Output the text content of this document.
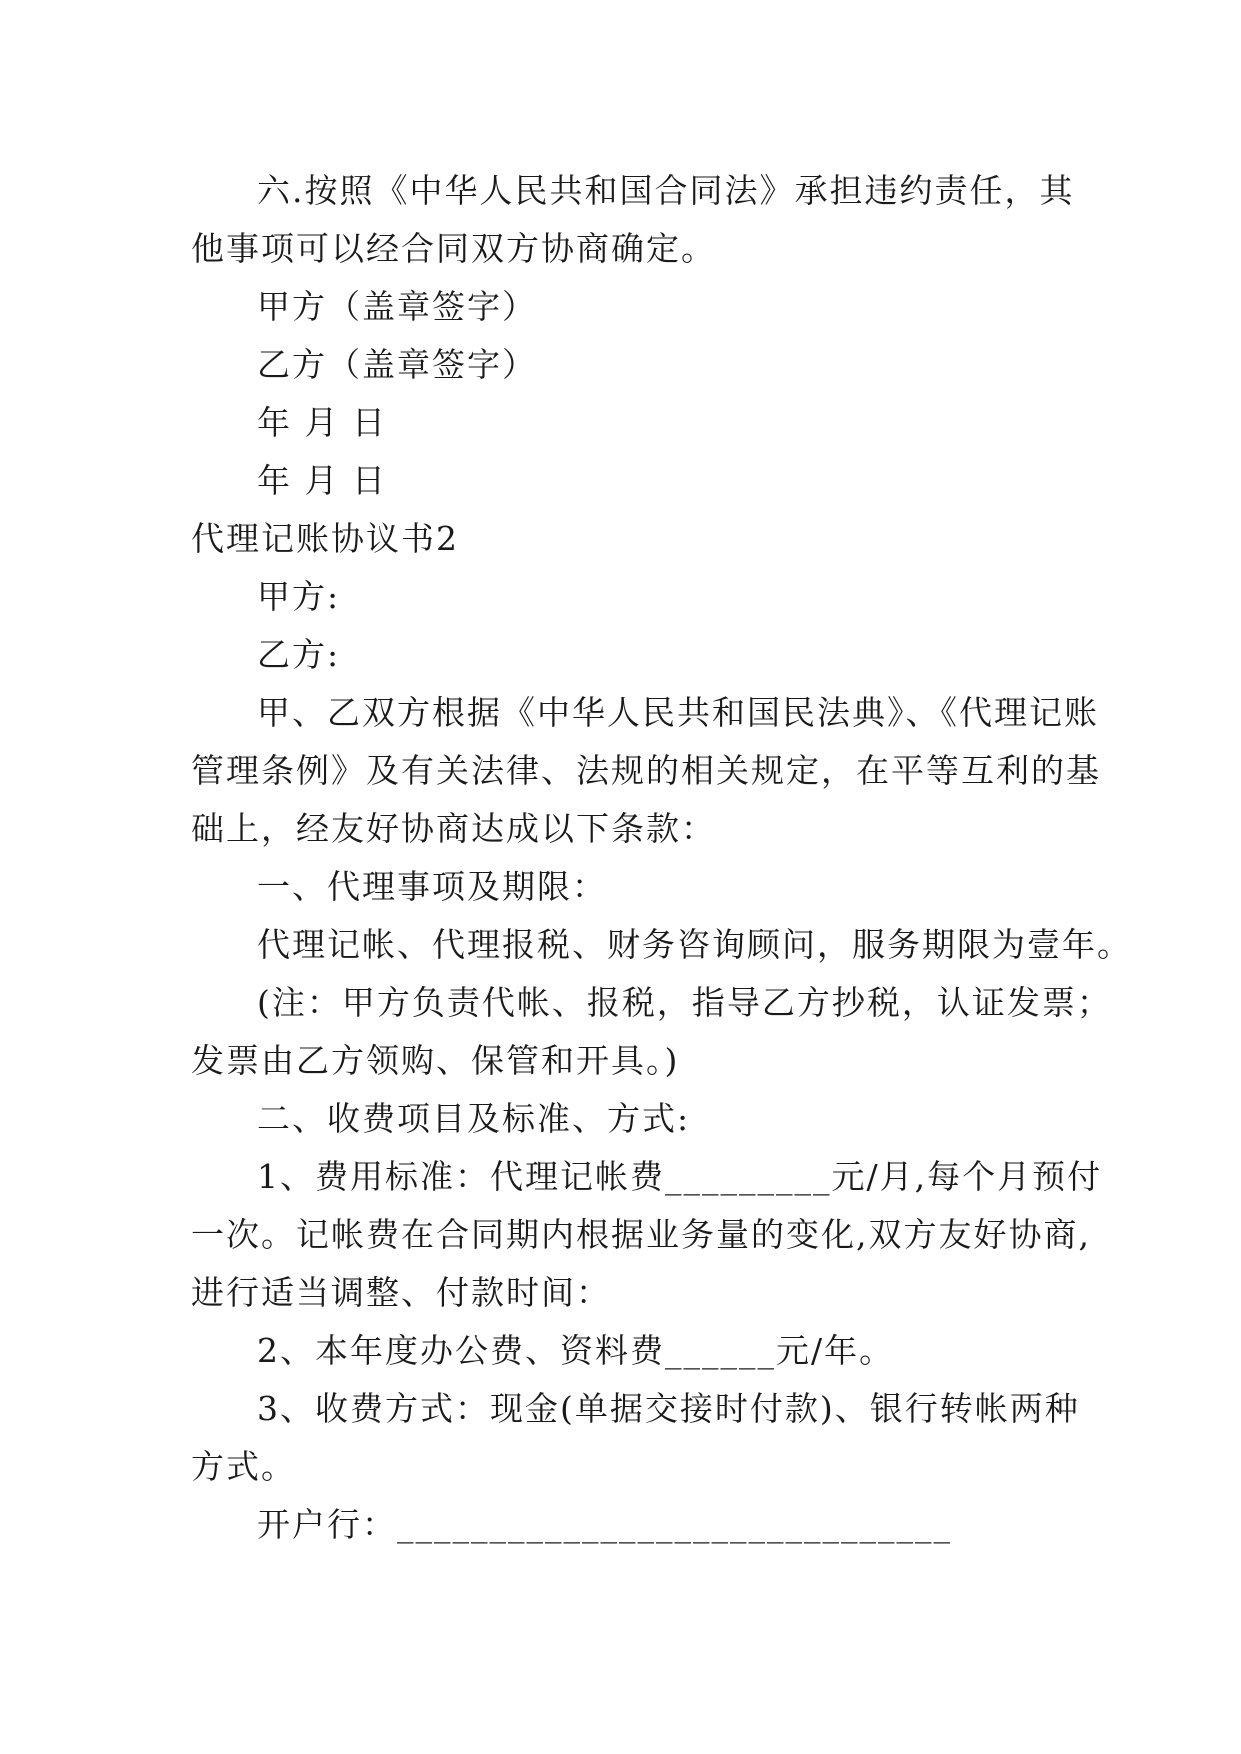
六.按照《中华人民共和国合同法》承担违约责任，其
他事项可以经合同双方协商确定。
甲方（盖章签字）
乙方（盖章签字）
年 月 日
年 月 日
代理记账协议书2
甲方:
乙方:
甲、乙双方根据《中华人民共和国民法典》、《代理记账
管理条例》及有关法律、法规的相关规定，在平等互利的基
础上，经友好协商达成以下条款：
一、代理事项及期限：
代理记帐、代理报税、财务咨询顾问，服务期限为壹年。
(注：甲方负责代帐、报税，指导乙方抄税，认证发票；
发票由乙方领购、保管和开具。)
二、收费项目及标准、方式:
1、费用标准：代理记帐费_________元/月,每个月预付
一次。记帐费在合同期内根据业务量的变化,双方友好协商,
进行适当调整、付款时间：
2、本年度办公费、资料费______元/年。
3、收费方式：现金(单据交接时付款)、银行转帐两种
方式。
开户行：______________________________
